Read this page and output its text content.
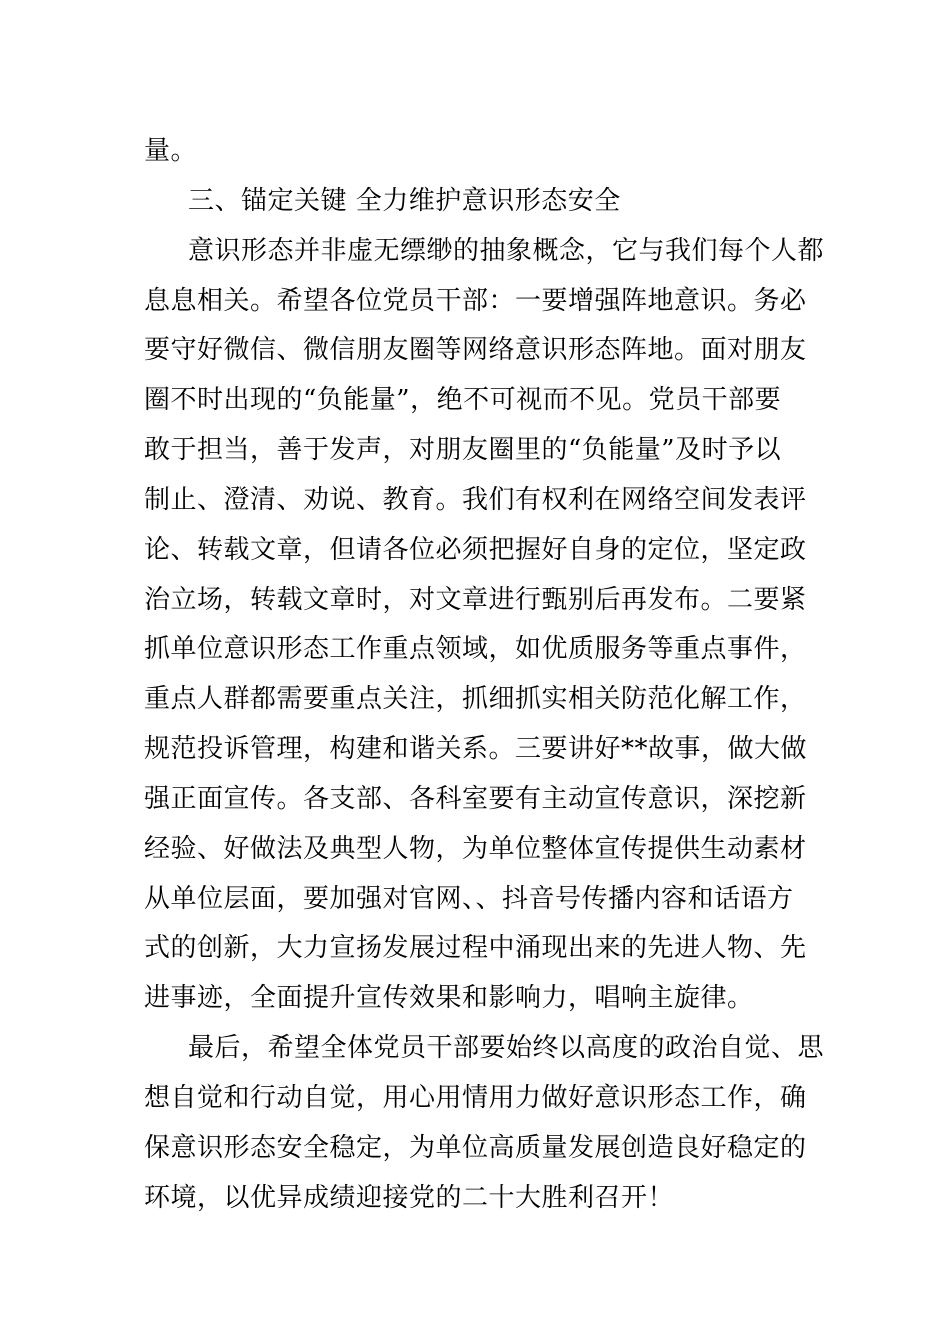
量。
三、锚定关键 全力维护意识形态安全
意识形态并非虚无缥缈的抽象概念，它与我们每个人都
息息相关。希望各位党员干部：一要增强阵地意识。务必
要守好微信、微信朋友圈等网络意识形态阵地。面对朋友
圈不时出现的“负能量”，绝不可视而不见。党员干部要
敢于担当，善于发声，对朋友圈里的“负能量”及时予以
制止、澄清、劝说、教育。我们有权利在网络空间发表评
论、转载文章，但请各位必须把握好自身的定位，坚定政
治立场，转载文章时，对文章进行甄别后再发布。二要紧
抓单位意识形态工作重点领域，如优质服务等重点事件，
重点人群都需要重点关注，抓细抓实相关防范化解工作，
规范投诉管理，构建和谐关系。三要讲好**故事，做大做
强正面宣传。各支部、各科室要有主动宣传意识，深挖新
经验、好做法及典型人物，为单位整体宣传提供生动素材
从单位层面，要加强对官网、、抖音号传播内容和话语方
式的创新，大力宣扬发展过程中涌现出来的先进人物、先
进事迹，全面提升宣传效果和影响力，唱响主旋律。
最后，希望全体党员干部要始终以高度的政治自觉、思
想自觉和行动自觉，用心用情用力做好意识形态工作，确
保意识形态安全稳定，为单位高质量发展创造良好稳定的
环境，以优异成绩迎接党的二十大胜利召开！
